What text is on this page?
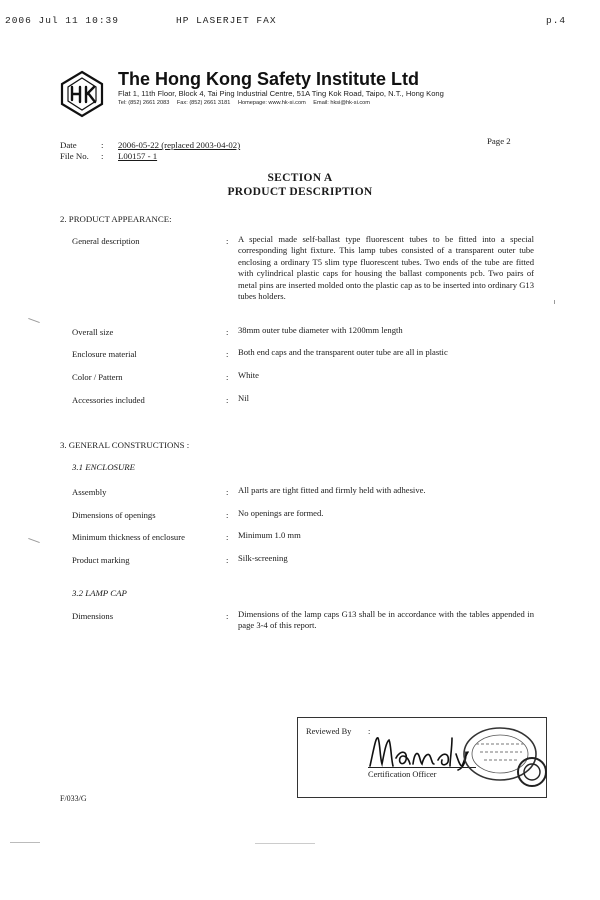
2006 Jul 11 10:39	HP LASERJET FAX	p.4
The Hong Kong Safety Institute Ltd
Flat 1, 11th Floor, Block 4, Tai Ping Industrial Centre, 51A Ting Kok Road, Taipo, N.T., Hong Kong
Tel: (852) 2661 2083 Fax: (852) 2661 3181 Homepage: www.hk-si.com Email: hksi@hk-si.com
Date	: 2006-05-22 (replaced 2003-04-02)
File No. : L00157 - 1
Page 2
SECTION A
PRODUCT DESCRIPTION
2. PRODUCT APPEARANCE:
General description	: A special made self-ballast type fluorescent tubes to be fitted into a special corresponding light fixture. This lamp tubes consisted of a transparent outer tube enclosing a ordinary T5 slim type fluorescent tubes. Two ends of the tube are fitted with cylindrical plastic caps for housing the ballast components pcb. Two pairs of metal pins are inserted molded onto the plastic cap as to be inserted into ordinary G13 tubes holders.
Overall size	: 38mm outer tube diameter with 1200mm length
Enclosure material	: Both end caps and the transparent outer tube are all in plastic
Color / Pattern	: White
Accessories included	: Nil
3. GENERAL CONSTRUCTIONS :
3.1 ENCLOSURE
Assembly	: All parts are tight fitted and firmly held with adhesive.
Dimensions of openings	: No openings are formed.
Minimum thickness of enclosure	: Minimum 1.0 mm
Product marking	: Silk-screening
3.2 LAMP CAP
Dimensions	: Dimensions of the lamp caps G13 shall be in accordance with the tables appended in page 3-4 of this report.
Reviewed By :
Certification Officer
F/033/G
